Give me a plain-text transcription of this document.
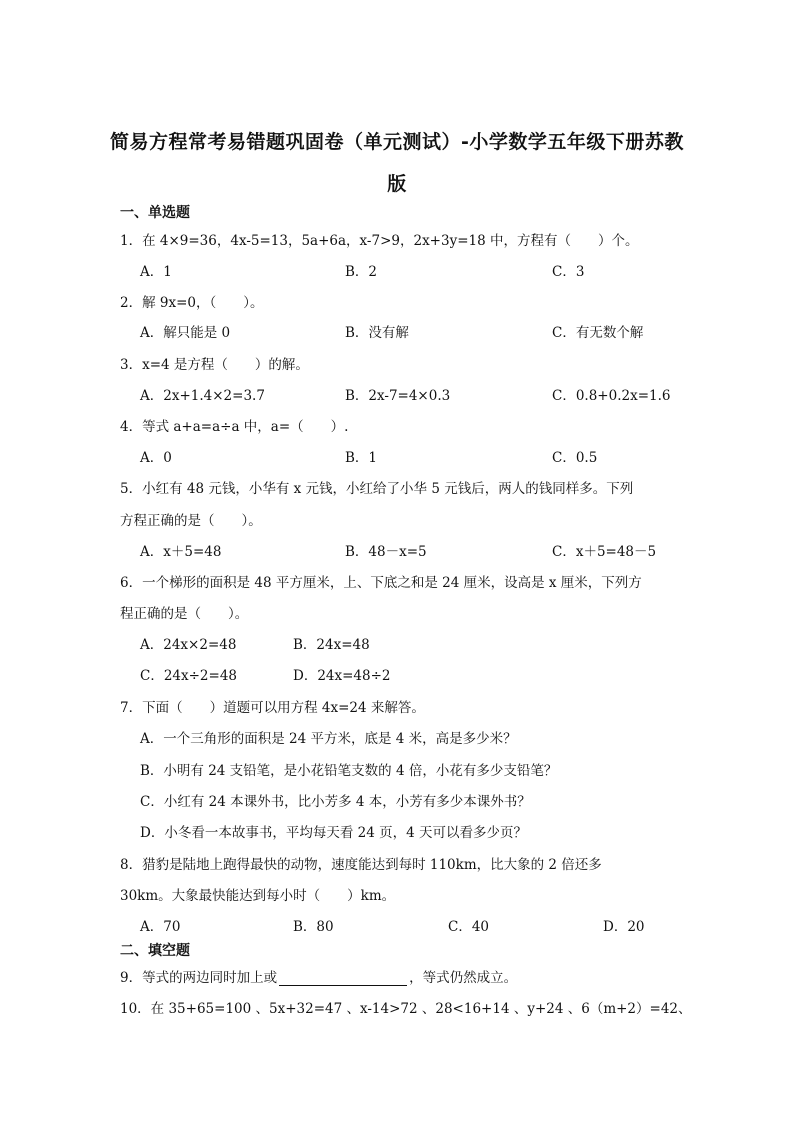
简易方程常考易错题巩固卷（单元测试）-小学数学五年级下册苏教
版
一、单选题
1．在 4×9=36，4x-5=13，5a+6a，x-7>9，2x+3y=18 中，方程有（　　）个。
A．1	B．2	C．3
2．解 9x=0，（　　）。
A．解只能是 0	B．没有解	C．有无数个解
3．x=4 是方程（　　）的解。
A．2x+1.4×2=3.7	B．2x-7=4×0.3	C．0.8+0.2x=1.6
4．等式 a+a=a÷a 中，a=（　　）.
A．0	B．1	C．0.5
5．小红有 48 元钱，小华有 x 元钱，小红给了小华 5 元钱后，两人的钱同样多。下列
方程正确的是（　　）。
A．x＋5=48	B．48－x=5	C．x＋5=48－5
6．一个梯形的面积是 48 平方厘米，上、下底之和是 24 厘米，设高是 x 厘米，下列方
程正确的是（　　）。
A．24x×2=48	B．24x=48
C．24x÷2=48	D．24x=48÷2
7．下面（　　）道题可以用方程 4x=24 来解答。
A．一个三角形的面积是 24 平方米，底是 4 米，高是多少米？
B．小明有 24 支铅笔，是小花铅笔支数的 4 倍，小花有多少支铅笔？
C．小红有 24 本课外书，比小芳多 4 本，小芳有多少本课外书？
D．小冬看一本故事书，平均每天看 24 页，4 天可以看多少页？
8．猎豹是陆地上跑得最快的动物，速度能达到每时 110km，比大象的 2 倍还多
30km。大象最快能达到每小时（　　）km。
A．70	B．80	C．40	D．20
二、填空题
9．等式的两边同时加上或	，等式仍然成立。
10．在 35+65=100 、5x+32=47 、x-14>72 、28<16+14 、y+24 、6（m+2）=42、
